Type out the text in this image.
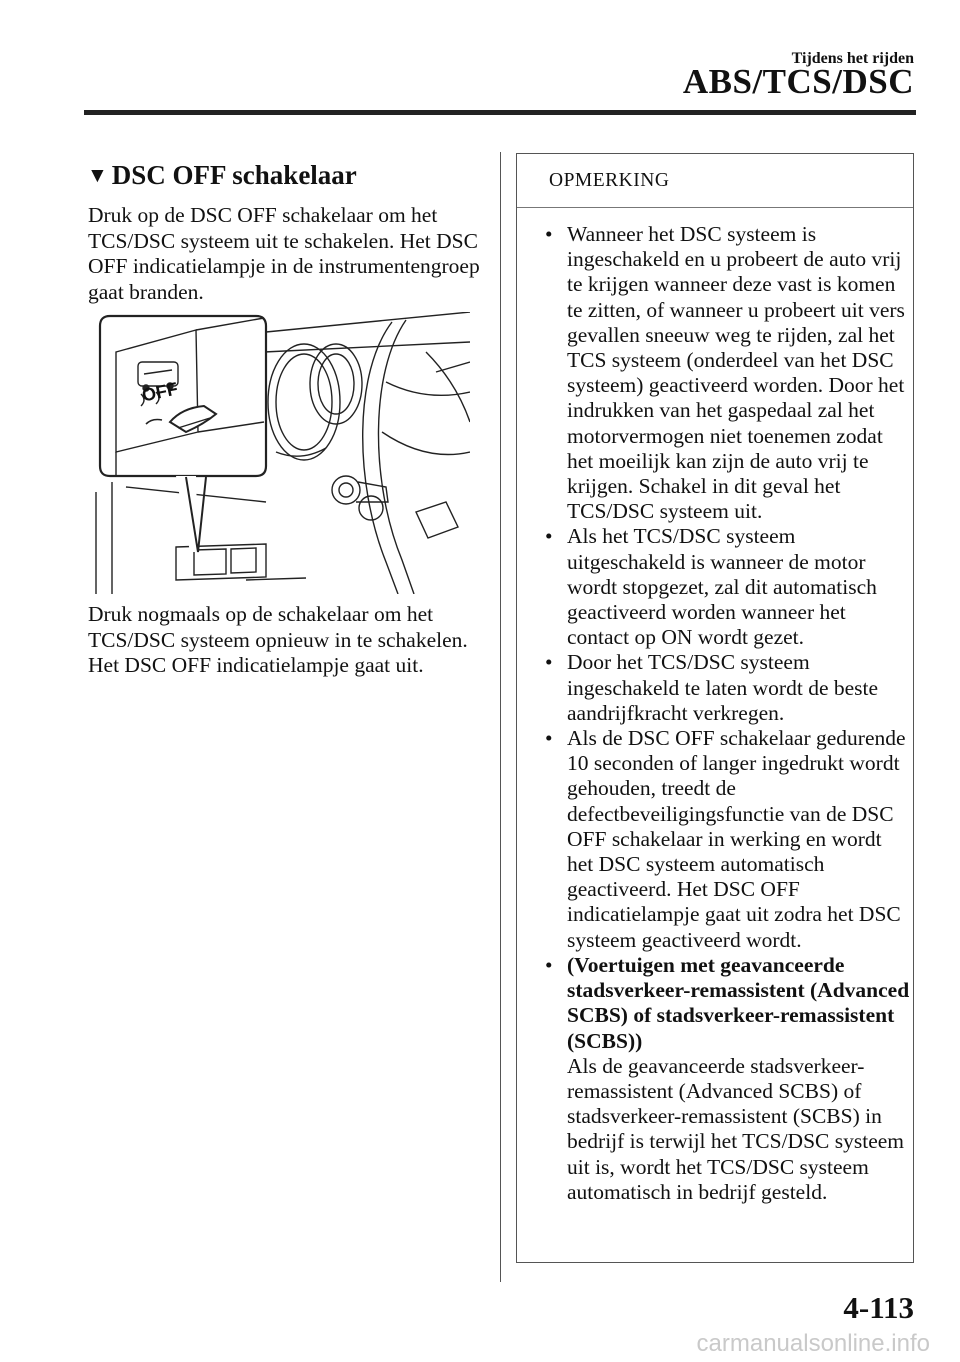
Tijdens het rijden
ABS/TCS/DSC
▼ DSC OFF schakelaar

Druk op de DSC OFF schakelaar om het TCS/DSC systeem uit te schakelen. Het DSC OFF indicatielampje in de instrumentengroep gaat branden.

OFF

Druk nogmaals op de schakelaar om het TCS/DSC systeem opnieuw in te schakelen. Het DSC OFF indicatielampje gaat uit.

OPMERKING
• Wanneer het DSC systeem is ingeschakeld en u probeert de auto vrij te krijgen wanneer deze vast is komen te zitten, of wanneer u probeert uit vers gevallen sneeuw weg te rijden, zal het TCS systeem (onderdeel van het DSC systeem) geactiveerd worden. Door het indrukken van het gaspedaal zal het motorvermogen niet toenemen zodat het moeilijk kan zijn de auto vrij te krijgen. Schakel in dit geval het TCS/DSC systeem uit.
• Als het TCS/DSC systeem uitgeschakeld is wanneer de motor wordt stopgezet, zal dit automatisch geactiveerd worden wanneer het contact op ON wordt gezet.
• Door het TCS/DSC systeem ingeschakeld te laten wordt de beste aandrijfkracht verkregen.
• Als de DSC OFF schakelaar gedurende 10 seconden of langer ingedrukt wordt gehouden, treedt de defectbeveiligingsfunctie van de DSC OFF schakelaar in werking en wordt het DSC systeem automatisch geactiveerd. Het DSC OFF indicatielampje gaat uit zodra het DSC systeem geactiveerd wordt.
• (Voertuigen met geavanceerde stadsverkeer-remassistent (Advanced SCBS) of stadsverkeer-remassistent (SCBS))
Als de geavanceerde stadsverkeer-remassistent (Advanced SCBS) of stadsverkeer-remassistent (SCBS) in bedrijf is terwijl het TCS/DSC systeem uit is, wordt het TCS/DSC systeem automatisch in bedrijf gesteld.
4-113
carmanualsonline.info
